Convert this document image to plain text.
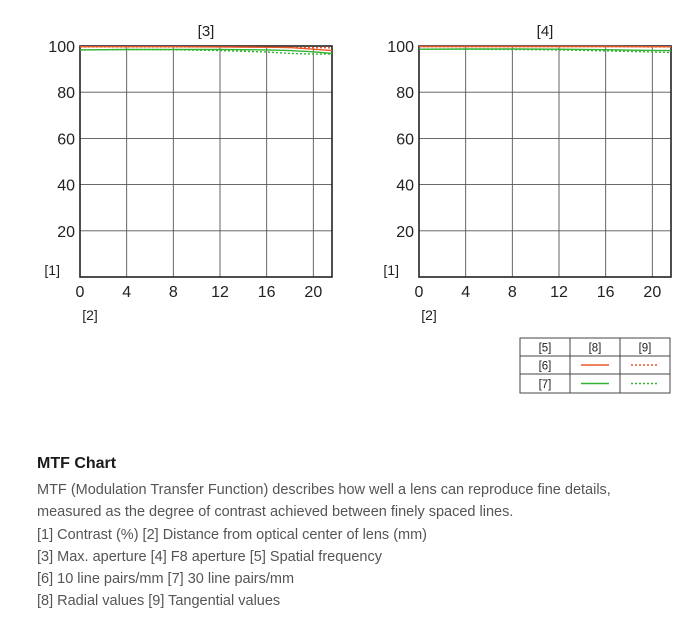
20
40
60
80
100
0 4 8 12 16 20
[3]
[1]
[2]
20
40
60
80
100
0 4 8 12 16 20
[4]
[1]
[2]
[5]	[8]	[9]
[6]
[7]
MTF Chart

MTF (Modulation Transfer Function) describes how well a lens can reproduce fine details,

measured as the degree of contrast achieved between finely spaced lines.

[1] Contrast (%) [2] Distance from optical center of lens (mm)

[3] Max. aperture [4] F8 aperture [5] Spatial frequency

[6] 10 line pairs/mm [7] 30 line pairs/mm

[8] Radial values [9] Tangential values
